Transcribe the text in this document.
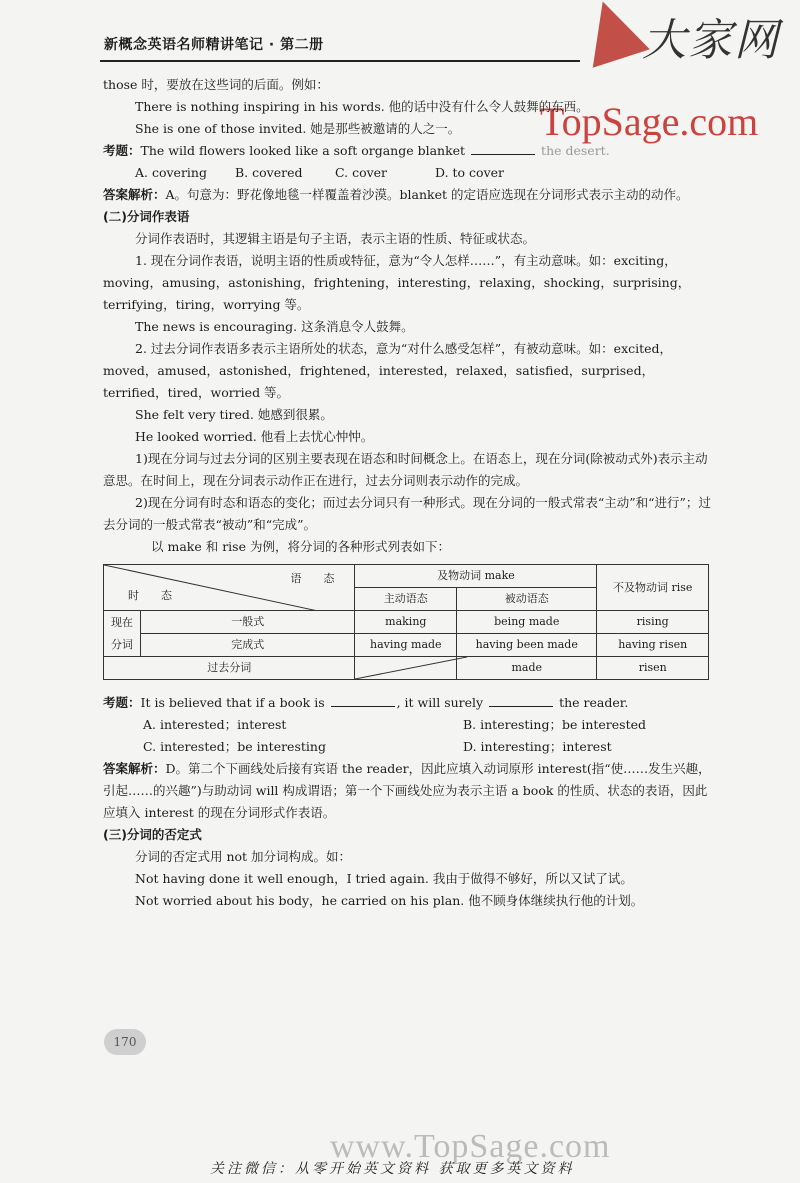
新概念英语名师精讲笔记 · 第二册	大家网
TopSage.com

those 时，要放在这些词的后面。例如：

There is nothing inspiring in his words. 他的话中没有什么令人鼓舞的东西。

She is one of those invited. 她是那些被邀请的人之一。

考题：The wild flowers looked like a soft organge blanket	the desert.

A. covering	B. covered	C. cover	D. to cover

答案解析：A。句意为：野花像地毯一样覆盖着沙漠。blanket 的定语应选现在分词形式表示主动的动作。

(二)分词作表语

分词作表语时，其逻辑主语是句子主语，表示主语的性质、特征或状态。

1. 现在分词作表语，说明主语的性质或特征，意为“令人怎样……”，有主动意味。如：exciting，moving，amusing，astonishing，frightening，interesting，relaxing，shocking，surprising，terrifying，tiring，worrying 等。

The news is encouraging. 这条消息令人鼓舞。

2. 过去分词作表语多表示主语所处的状态，意为“对什么感受怎样”，有被动意味。如：excited，moved，amused，astonished，frightened，interested，relaxed，satisfied，surprised，terrified，tired，worried 等。

She felt very tired. 她感到很累。

He looked worried. 他看上去忧心忡忡。

1)现在分词与过去分词的区别主要表现在语态和时间概念上。在语态上，现在分词(除被动式外)表示主动意思。在时间上，现在分词表示动作正在进行，过去分词则表示动作的完成。

2)现在分词有时态和语态的变化；而过去分词只有一种形式。现在分词的一般式常表“主动”和“进行”；过去分词的一般式常表“被动”和“完成”。

以 make 和 rise 为例，将分词的各种形式列表如下：

语　　态
时　　态		及物动词 make		不及物动词 rise
		主动语态	被动语态	
现在分词	一般式	making	being made	rising
	完成式	having made	having been made	having risen
过去分词			made	risen

考题：It is believed that if a book is	, it will surely	the reader.

A. interested；interest	B. interesting；be interested
C. interested；be interesting	D. interesting；interest

答案解析：D。第二个下画线处后接有宾语 the reader，因此应填入动词原形 interest(指“使……发生兴趣，引起……的兴趣”)与助动词 will 构成谓语；第一个下画线处应为表示主语 a book 的性质、状态的表语，因此应填入 interest 的现在分词形式作表语。

(三)分词的否定式

分词的否定式用 not 加分词构成。如：

Not having done it well enough，I tried again. 我由于做得不够好，所以又试了试。

Not worried about his body，he carried on his plan. 他不顾身体继续执行他的计划。

170
www.TopSage.com
关注微信：从零开始英文资料 获取更多英文资料
